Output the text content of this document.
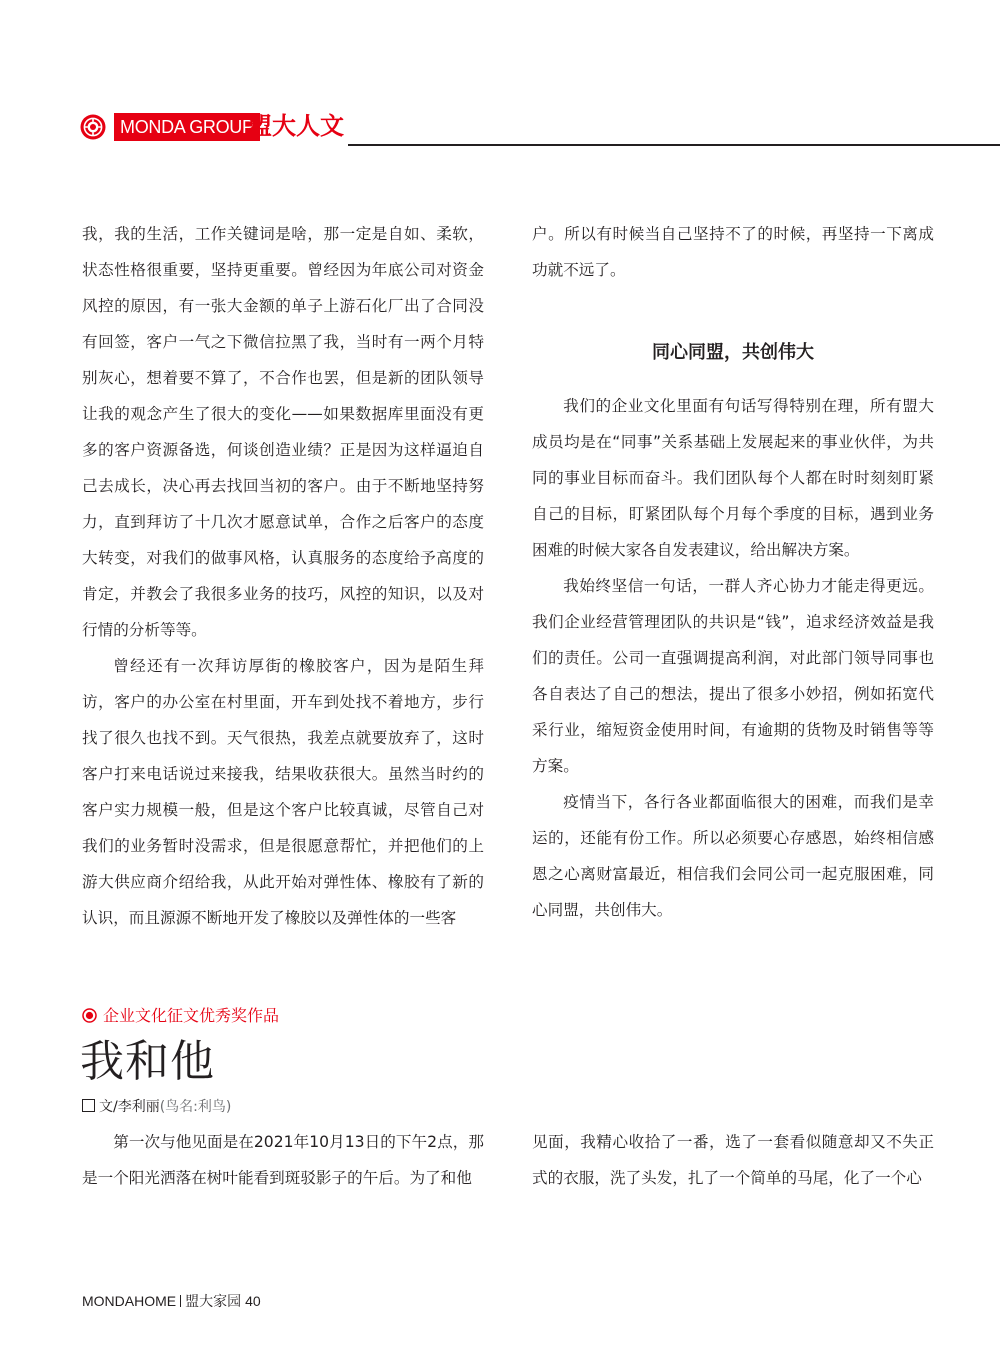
MONDA GROUP
盟大人文

我，我的生活，工作关键词是啥，那一定是自如、柔软，状态性格很重要，坚持更重要。曾经因为年底公司对资金风控的原因，有一张大金额的单子上游石化厂出了合同没有回签，客户一气之下微信拉黑了我，当时有一两个月特别灰心，想着要不算了，不合作也罢，但是新的团队领导让我的观念产生了很大的变化——如果数据库里面没有更多的客户资源备选，何谈创造业绩？正是因为这样逼迫自己去成长，决心再去找回当初的客户。由于不断地坚持努力，直到拜访了十几次才愿意试单，合作之后客户的态度大转变，对我们的做事风格，认真服务的态度给予高度的肯定，并教会了我很多业务的技巧，风控的知识，以及对行情的分析等等。

曾经还有一次拜访厚街的橡胶客户，因为是陌生拜访，客户的办公室在村里面，开车到处找不着地方，步行找了很久也找不到。天气很热，我差点就要放弃了，这时客户打来电话说过来接我，结果收获很大。虽然当时约的客户实力规模一般，但是这个客户比较真诚，尽管自己对我们的业务暂时没需求，但是很愿意帮忙，并把他们的上游大供应商介绍给我，从此开始对弹性体、橡胶有了新的认识，而且源源不断地开发了橡胶以及弹性体的一些客

户。所以有时候当自己坚持不了的时候，再坚持一下离成功就不远了。

同心同盟，共创伟大

我们的企业文化里面有句话写得特别在理，所有盟大成员均是在“同事”关系基础上发展起来的事业伙伴，为共同的事业目标而奋斗。我们团队每个人都在时时刻刻盯紧自己的目标，盯紧团队每个月每个季度的目标，遇到业务困难的时候大家各自发表建议，给出解决方案。

我始终坚信一句话，一群人齐心协力才能走得更远。我们企业经营管理团队的共识是“钱”，追求经济效益是我们的责任。公司一直强调提高利润，对此部门领导同事也各自表达了自己的想法，提出了很多小妙招，例如拓宽代采行业，缩短资金使用时间，有逾期的货物及时销售等等方案。

疫情当下，各行各业都面临很大的困难，而我们是幸运的，还能有份工作。所以必须要心存感恩，始终相信感恩之心离财富最近，相信我们会同公司一起克服困难，同心同盟，共创伟大。

企业文化征文优秀奖作品
我和他
文/李利丽(鸟名:利鸟)

第一次与他见面是在2021年10月13日的下午2点，那是一个阳光洒落在树叶能看到斑驳影子的午后。为了和他

见面，我精心收拾了一番，选了一套看似随意却又不失正式的衣服，洗了头发，扎了一个简单的马尾，化了一个心

MONDAHOME 盟大家园 40
